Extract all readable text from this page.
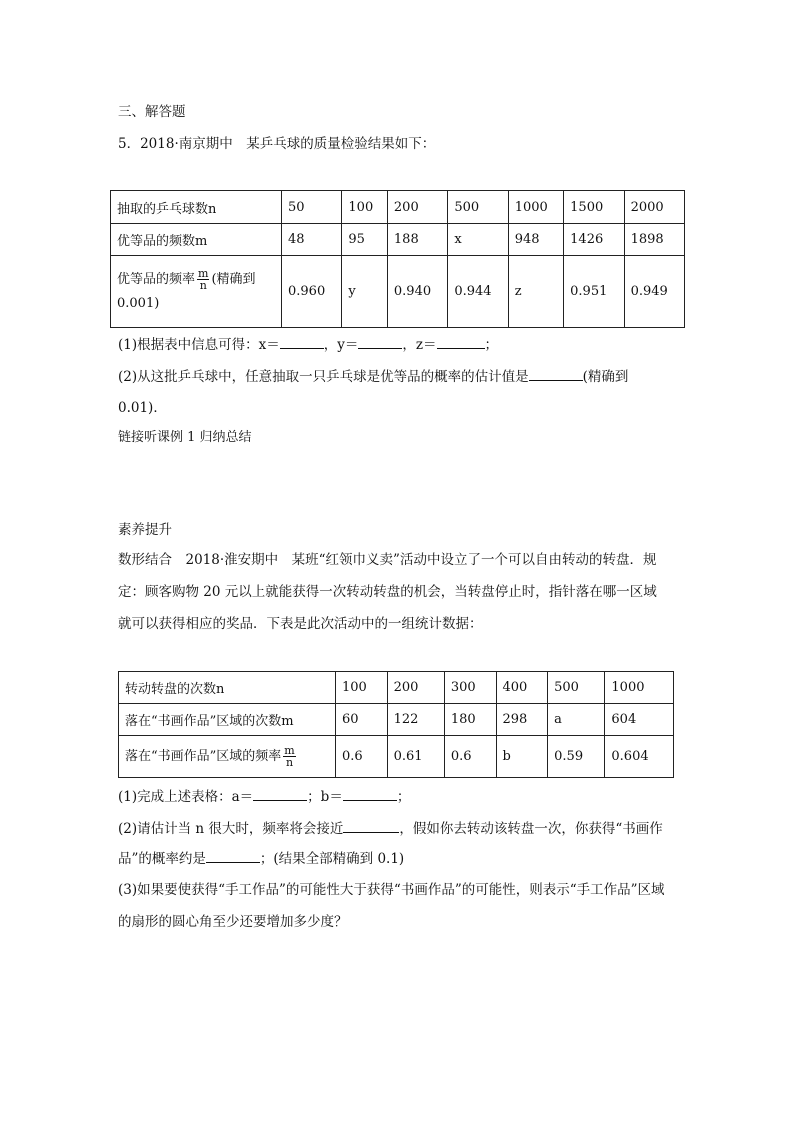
三、解答题
5．2018·南京期中　某乒乓球的质量检验结果如下：
抽取的乒乓球数n	50	100	200	500	1000	1500	2000
优等品的频数m	48	95	188	x	948	1426	1898
优等品的频率 $\frac{m}{n}$ (精确到
0.001)	0.960	y	0.940	0.944	z	0.951	0.949
(1)根据表中信息可得：x＝	，y＝	，z＝	；
(2)从这批乒乓球中，任意抽取一只乒乓球是优等品的概率的估计值是	(精确到
0.01)．
链接听课例 1 归纳总结
素养提升
数形结合　2018·淮安期中　某班“红领巾义卖”活动中设立了一个可以自由转动的转盘．规
定：顾客购物 20 元以上就能获得一次转动转盘的机会，当转盘停止时，指针落在哪一区域
就可以获得相应的奖品．下表是此次活动中的一组统计数据：
转动转盘的次数n	100	200	300	400	500	1000
落在“书画作品”区域的次数m	60	122	180	298	a	604
落在“书画作品”区域的频率 $\frac{m}{n}$	0.6	0.61	0.6	b	0.59	0.604
(1)完成上述表格：a＝	；b＝	；
(2)请估计当 n 很大时，频率将会接近	，假如你去转动该转盘一次，你获得“书画作
品”的概率约是	；(结果全部精确到 0.1)
(3)如果要使获得“手工作品”的可能性大于获得“书画作品”的可能性，则表示“手工作品”区域
的扇形的圆心角至少还要增加多少度？
